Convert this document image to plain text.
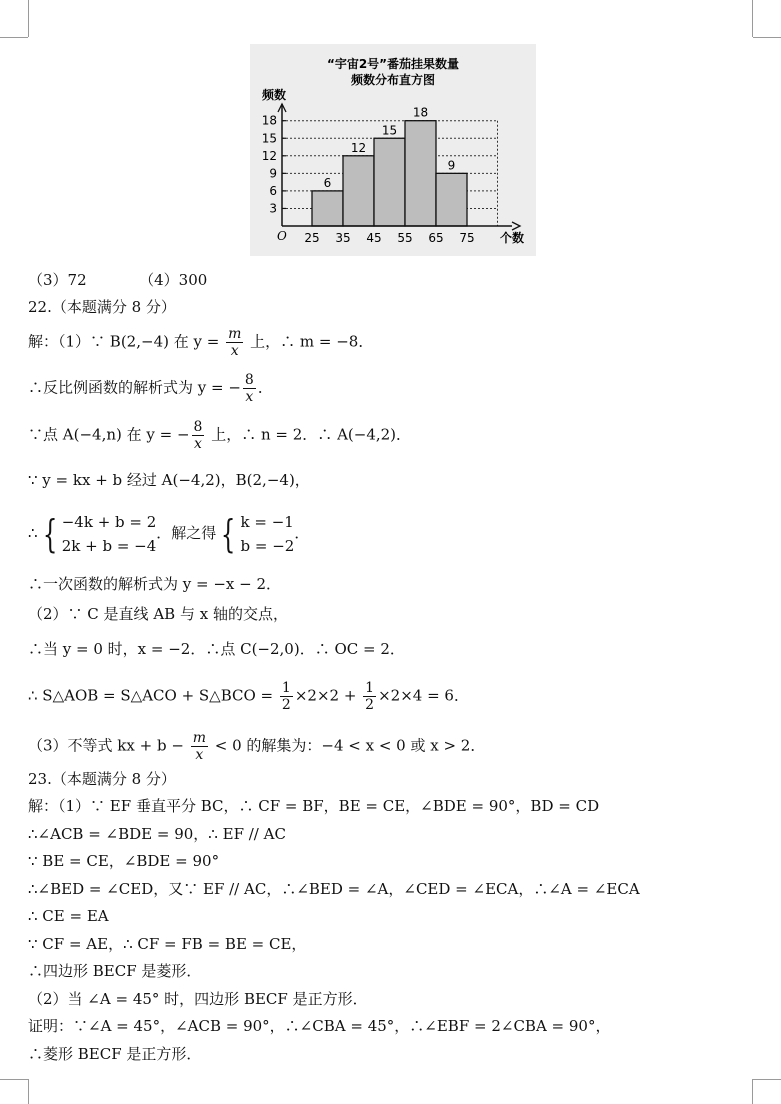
“宇宙2号”番茄挂果数量
频数分布直方图
频数
个数
O
3
6
9
12
15
18
6
12
15
18
9
25 35 45 55 65 75
（3）72　　　　（4）300
22.（本题满分 8 分）
解：（1）∵ B(2,−4) 在 $y = \frac{m}{x}$ 上，∴ m = −8．
∴反比例函数的解析式为 y = − $\frac{8}{x}$ ．
∵点 A(−4,n) 在 y = − $\frac{8}{x}$ 上，∴ n = 2．∴ A(−4,2)．
∵ y = kx + b 经过 A(−4,2)，B(2,−4)，
∴ { −4k + b = 2
2k + b = −4
．解之得 { k = −1
b = −2
．
∴一次函数的解析式为 y = −x − 2．
（2）∵ C 是直线 AB 与 x 轴的交点，
∴当 y = 0 时，x = −2．∴点 C(−2,0)．∴ OC = 2．
∴ S△AOB = S△ACO + S△BCO = $\frac{1}{2} \times 2\times 2 + \frac{1}{2} \times 2\times 4 = 6$．
（3）不等式 kx + $b - \frac{m}{x} < 0$ 的解集为：−4 < x < 0 或 x > 2．
23.（本题满分 8 分）
解：（1）∵ EF 垂直平分 BC，∴ CF = BF，BE = CE，∠BDE = 90°，BD = CD
∴∠ACB = ∠BDE = 90，∴ EF // AC
∵ BE = CE，∠BDE = 90°
∴∠BED = ∠CED，又∵ EF // AC，∴∠BED = ∠A，∠CED = ∠ECA，∴∠A = ∠ECA
∴ CE = EA
∵ CF = AE，∴ CF = FB = BE = CE，
∴四边形 BECF 是菱形．
（2）当 ∠A = 45° 时，四边形 BECF 是正方形．
证明：∵∠A = 45°，∠ACB = 90°，∴∠CBA = 45°，∴∠EBF = 2∠CBA = 90°，
∴菱形 BECF 是正方形．
